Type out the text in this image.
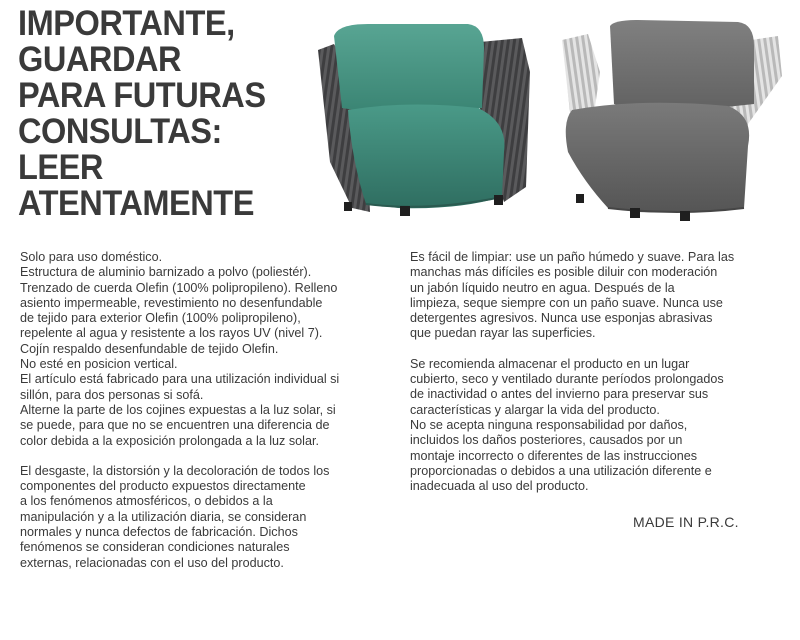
IMPORTANTE,
GUARDAR
PARA FUTURAS
CONSULTAS:
LEER
ATENTAMENTE

Solo para uso doméstico.

Estructura de aluminio barnizado a polvo (poliestér).

Trenzado de cuerda Olefin (100% polipropileno). Relleno

asiento impermeable, revestimiento no desenfundable

de tejido para exterior Olefin (100% polipropileno),

repelente al agua y resistente a los rayos UV (nivel 7).

Cojín respaldo desenfundable de tejido Olefin.

No esté en posicion vertical.

El artículo está fabricado para una utilización individual si

sillón, para dos personas si sofá.

Alterne la parte de los cojines expuestas a la luz solar, si

se puede, para que no se encuentren una diferencia de

color debida a la exposición prolongada a la luz solar.

El desgaste, la distorsión y la decoloración de todos los

componentes del producto expuestos directamente

a los fenómenos atmosféricos, o debidos a la

manipulación y a la utilización diaria, se consideran

normales y nunca defectos de fabricación. Dichos

fenómenos se consideran condiciones naturales

externas, relacionadas con el uso del producto.

Es fácil de limpiar: use un paño húmedo y suave. Para las

manchas más difíciles es posible diluir con moderación

un jabón líquido neutro en agua. Después de la

limpieza, seque siempre con un paño suave. Nunca use

detergentes agresivos. Nunca use esponjas abrasivas

que puedan rayar las superficies.

Se recomienda almacenar el producto en un lugar

cubierto, seco y ventilado durante períodos prolongados

de inactividad o antes del invierno para preservar sus

características y alargar la vida del producto.

No se acepta ninguna responsabilidad por daños,

incluidos los daños posteriores, causados por un

montaje incorrecto o diferentes de las instrucciones

proporcionadas o debidos a una utilización diferente e

inadecuada al uso del producto.

MADE IN P.R.C.
